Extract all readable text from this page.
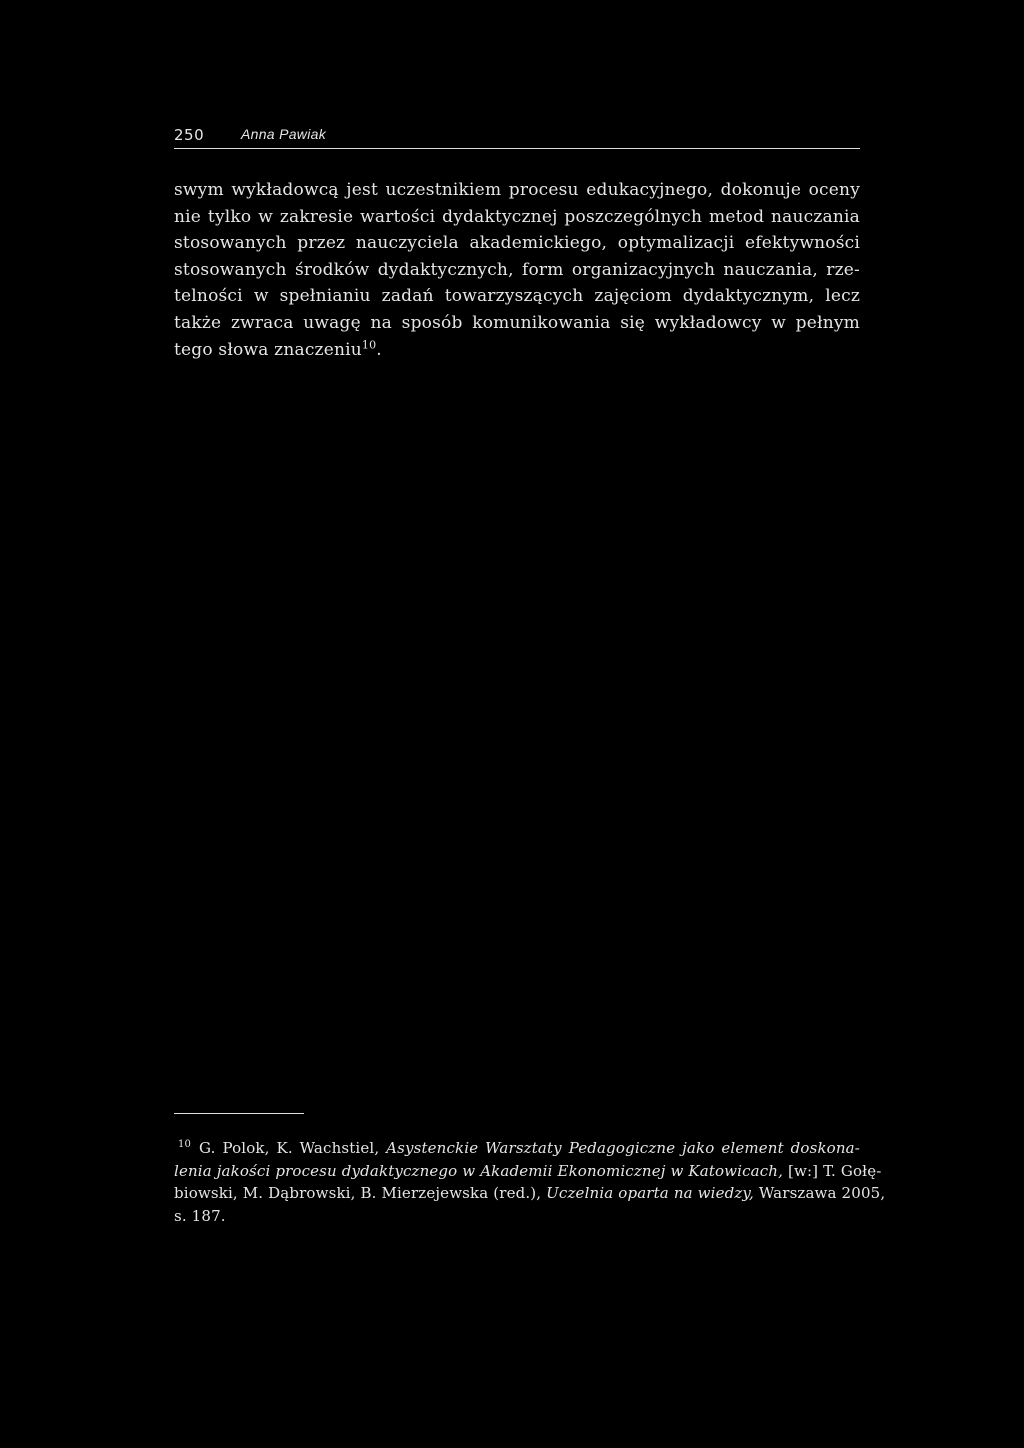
250	Anna Pawiak
swym wykładowcą jest uczestnikiem procesu edukacyjnego, dokonuje oceny
nie tylko w zakresie wartości dydaktycznej poszczególnych metod nauczania
stosowanych przez nauczyciela akademickiego, optymalizacji efektywności
stosowanych środków dydaktycznych, form organizacyjnych nauczania, rze-
telności w spełnianiu zadań towarzyszących zajęciom dydaktycznym, lecz
także zwraca uwagę na sposób komunikowania się wykładowcy w pełnym
tego słowa znaczeniu$^{10}$.
$^{10}$ G. Polok, K. Wachstiel, Asystenckie Warsztaty Pedagogiczne jako element doskona-
lenia jakości procesu dydaktycznego w Akademii Ekonomicznej w Katowicach, [w:] T. Gołę-
biowski, M. Dąbrowski, B. Mierzejewska (red.), Uczelnia oparta na wiedzy, Warszawa 2005,
s. 187.
